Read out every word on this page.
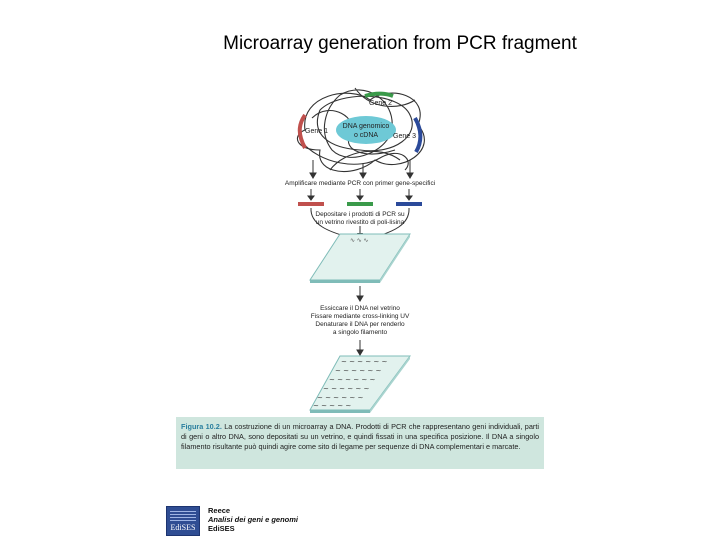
Microarray generation from PCR fragment
DNA genomico
o cDNA
Gene 1
Gene 2
Gene 3
Amplificare mediante PCR con primer gene-specifici
Depositare i prodotti di PCR su
un vetrino rivestito di poli-lisina
∿ ∿ ∿
Essiccare il DNA nel vetrino
Fissare mediante cross-linking UV
Denaturare il DNA per renderlo
a singolo filamento
~ ~ ~ ~ ~ ~
~ ~ ~ ~ ~ ~
~ ~ ~ ~ ~ ~
~ ~ ~ ~ ~ ~
~ ~ ~ ~ ~ ~
~ ~ ~ ~ ~
Figura 10.2. La costruzione di un microarray a DNA. Prodotti di PCR che rappresentano geni individuali, parti di geni o altro DNA, sono depositati su un vetrino, e quindi fissati in una specifica posizione. Il DNA a singolo filamento risultante può quindi agire come sito di legame per sequenze di DNA complementari e marcate.
EdiSES
Reece
Analisi dei geni e genomi
EdiSES
